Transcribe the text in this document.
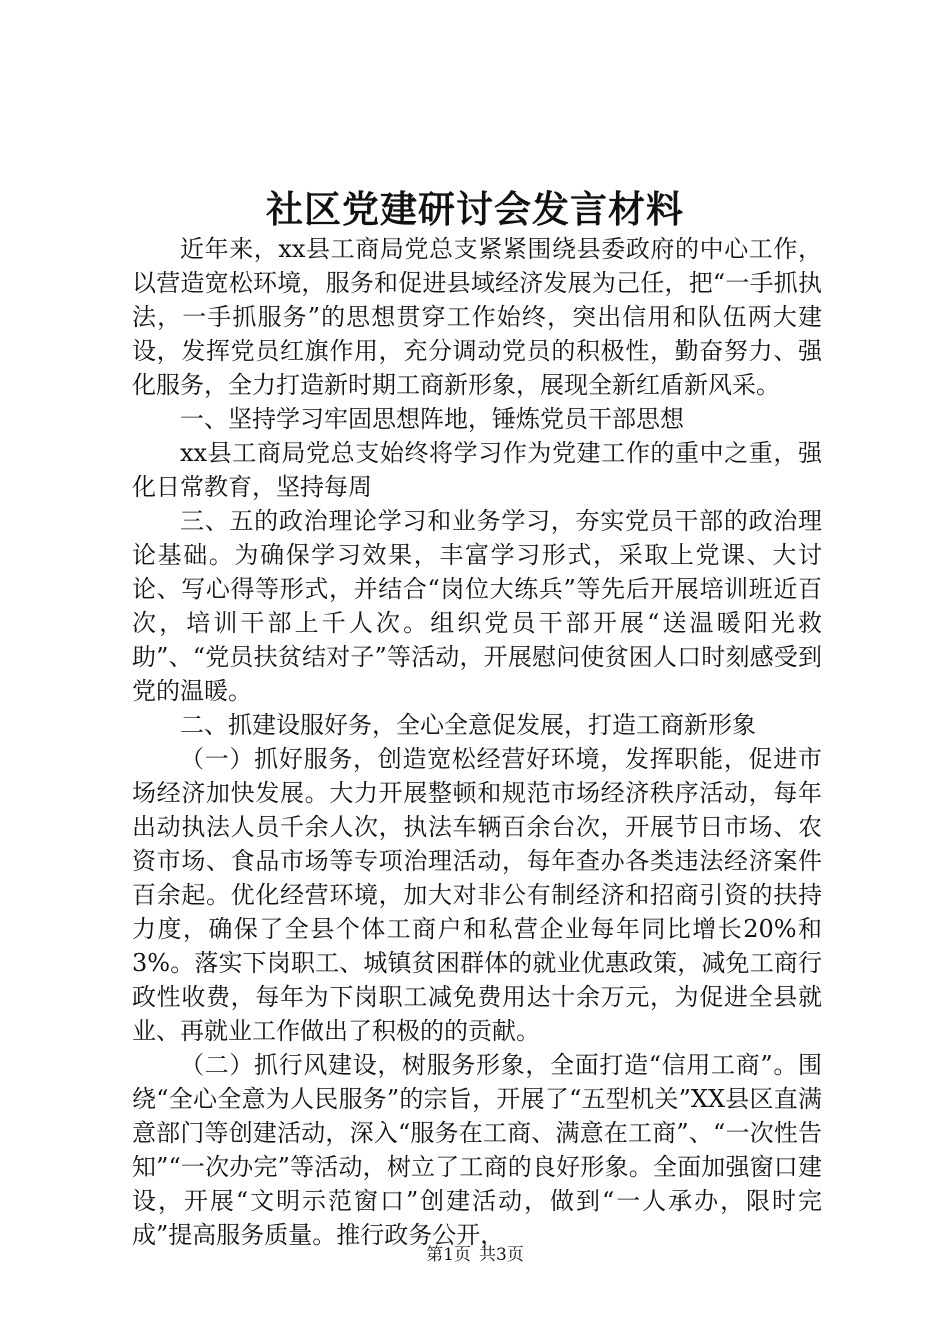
社区党建研讨会发言材料

近年来，xx县工商局党总支紧紧围绕县委政府的中心工作，以营造宽松环境，服务和促进县域经济发展为己任，把“一手抓执法，一手抓服务”的思想贯穿工作始终，突出信用和队伍两大建设，发挥党员红旗作用，充分调动党员的积极性，勤奋努力、强化服务，全力打造新时期工商新形象，展现全新红盾新风采。

一、坚持学习牢固思想阵地，锤炼党员干部思想

xx县工商局党总支始终将学习作为党建工作的重中之重，强化日常教育，坚持每周

三、五的政治理论学习和业务学习，夯实党员干部的政治理论基础。为确保学习效果，丰富学习形式，采取上党课、大讨论、写心得等形式，并结合“岗位大练兵”等先后开展培训班近百次，培训干部上千人次。组织党员干部开展“送温暖阳光救助”、“党员扶贫结对子”等活动，开展慰问使贫困人口时刻感受到党的温暖。

二、抓建设服好务，全心全意促发展，打造工商新形象

（一）抓好服务，创造宽松经营好环境，发挥职能，促进市场经济加快发展。大力开展整顿和规范市场经济秩序活动，每年出动执法人员千余人次，执法车辆百余台次，开展节日市场、农资市场、食品市场等专项治理活动，每年查办各类违法经济案件百余起。优化经营环境，加大对非公有制经济和招商引资的扶持力度，确保了全县个体工商户和私营企业每年同比增长20%和3%。落实下岗职工、城镇贫困群体的就业优惠政策，减免工商行政性收费，每年为下岗职工减免费用达十余万元，为促进全县就业、再就业工作做出了积极的的贡献。

（二）抓行风建设，树服务形象，全面打造“信用工商”。围绕“全心全意为人民服务”的宗旨，开展了“五型机关”XX县区直满意部门等创建活动，深入“服务在工商、满意在工商”、“一次性告知”“一次办完”等活动，树立了工商的良好形象。全面加强窗口建设，开展“文明示范窗口”创建活动，做到“一人承办，限时完成”提高服务质量。推行政务公开，

第1页 共3页
